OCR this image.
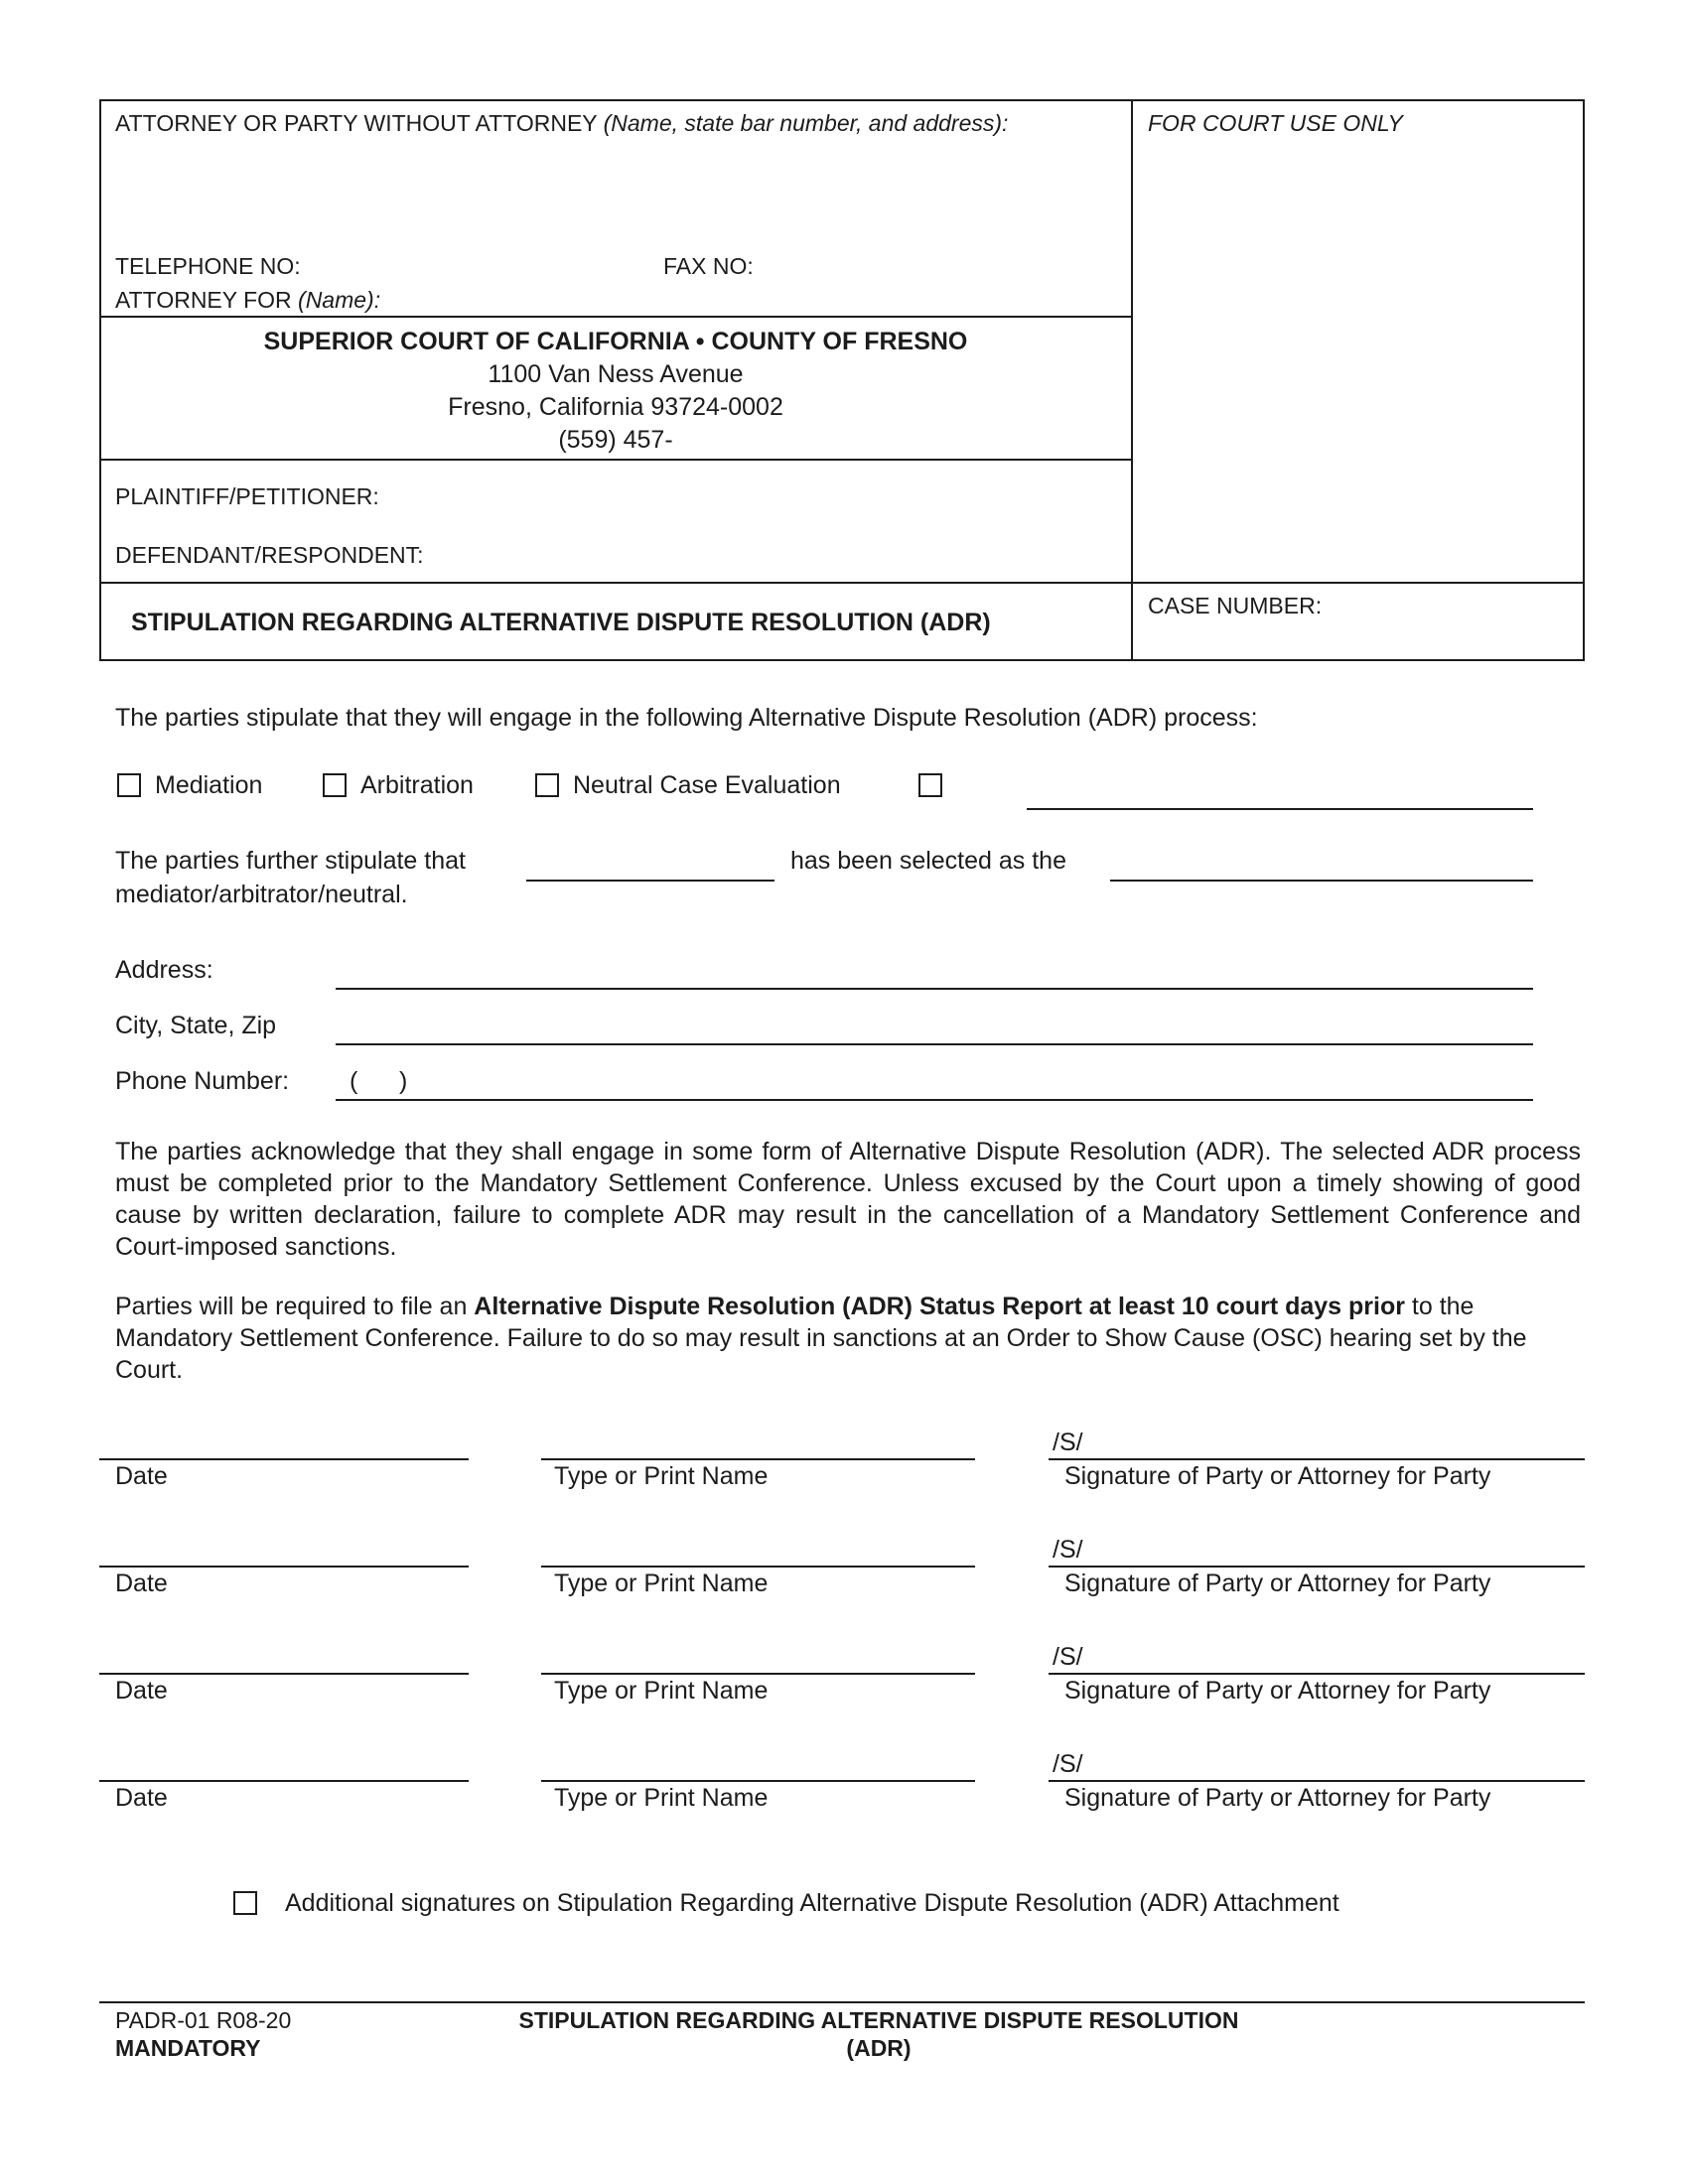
ATTORNEY OR PARTY WITHOUT ATTORNEY (Name, state bar number, and address):	FOR COURT USE ONLY
TELEPHONE NO:	FAX NO:
ATTORNEY FOR (Name):
SUPERIOR COURT OF CALIFORNIA • COUNTY OF FRESNO
1100 Van Ness Avenue
Fresno, California 93724-0002
(559) 457-
PLAINTIFF/PETITIONER:
DEFENDANT/RESPONDENT:
STIPULATION REGARDING ALTERNATIVE DISPUTE RESOLUTION (ADR)
CASE NUMBER:
The parties stipulate that they will engage in the following Alternative Dispute Resolution (ADR) process:
Mediation	Arbitration	Neutral Case Evaluation
The parties further stipulate that	has been selected as the
mediator/arbitrator/neutral.
Address:
City, State, Zip
Phone Number: (      )
The parties acknowledge that they shall engage in some form of Alternative Dispute Resolution (ADR). The selected ADR process must be completed prior to the Mandatory Settlement Conference. Unless excused by the Court upon a timely showing of good cause by written declaration, failure to complete ADR may result in the cancellation of a Mandatory Settlement Conference and Court-imposed sanctions.
Parties will be required to file an Alternative Dispute Resolution (ADR) Status Report at least 10 court days prior to the Mandatory Settlement Conference. Failure to do so may result in sanctions at an Order to Show Cause (OSC) hearing set by the Court.
/S/
Date	Type or Print Name	Signature of Party or Attorney for Party
/S/
Date	Type or Print Name	Signature of Party or Attorney for Party
/S/
Date	Type or Print Name	Signature of Party or Attorney for Party
/S/
Date	Type or Print Name	Signature of Party or Attorney for Party
Additional signatures on Stipulation Regarding Alternative Dispute Resolution (ADR) Attachment
PADR-01 R08-20
MANDATORY
STIPULATION REGARDING ALTERNATIVE DISPUTE RESOLUTION
(ADR)
